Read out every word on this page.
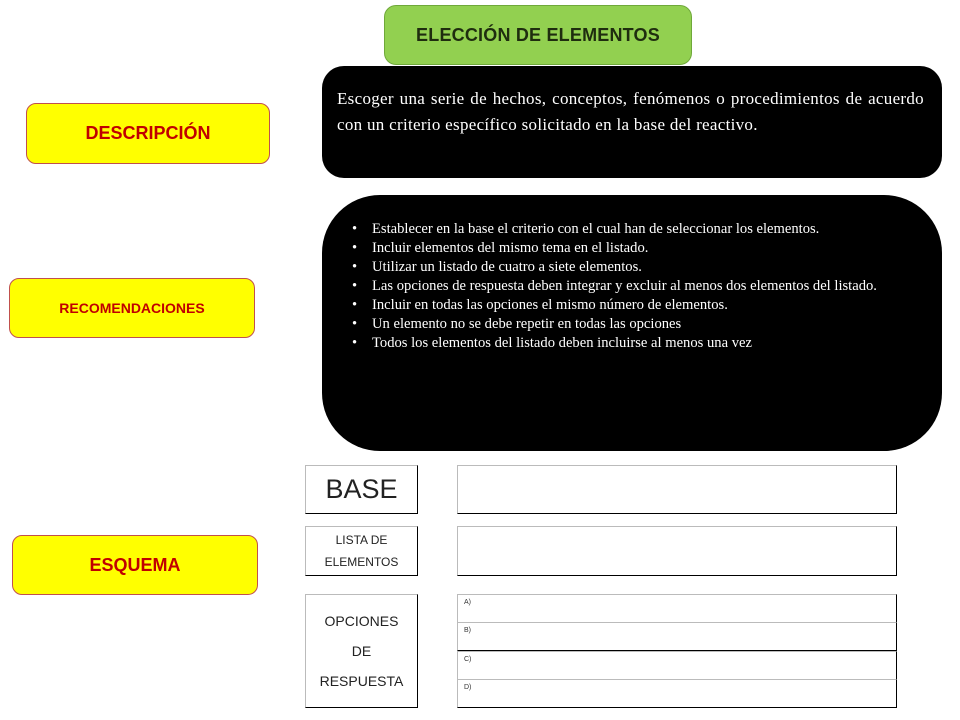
ELECCIÓN DE ELEMENTOS
DESCRIPCIÓN
Escoger una serie de hechos, conceptos, fenómenos o procedimientos de acuerdo con un criterio específico solicitado en la base del reactivo.
RECOMENDACIONES
• Establecer en la base el criterio con el cual han de seleccionar los elementos.
• Incluir elementos del mismo tema en el listado.
• Utilizar un listado de cuatro a siete elementos.
• Las opciones de respuesta deben integrar y excluir al menos dos elementos del listado.
• Incluir en todas las opciones el mismo número de elementos.
• Un elemento no se debe repetir en todas las opciones
• Todos los elementos del listado deben incluirse al menos una vez
ESQUEMA
BASE
LISTA DE
ELEMENTOS
OPCIONES
DE
RESPUESTA
A)
B)
C)
D)
